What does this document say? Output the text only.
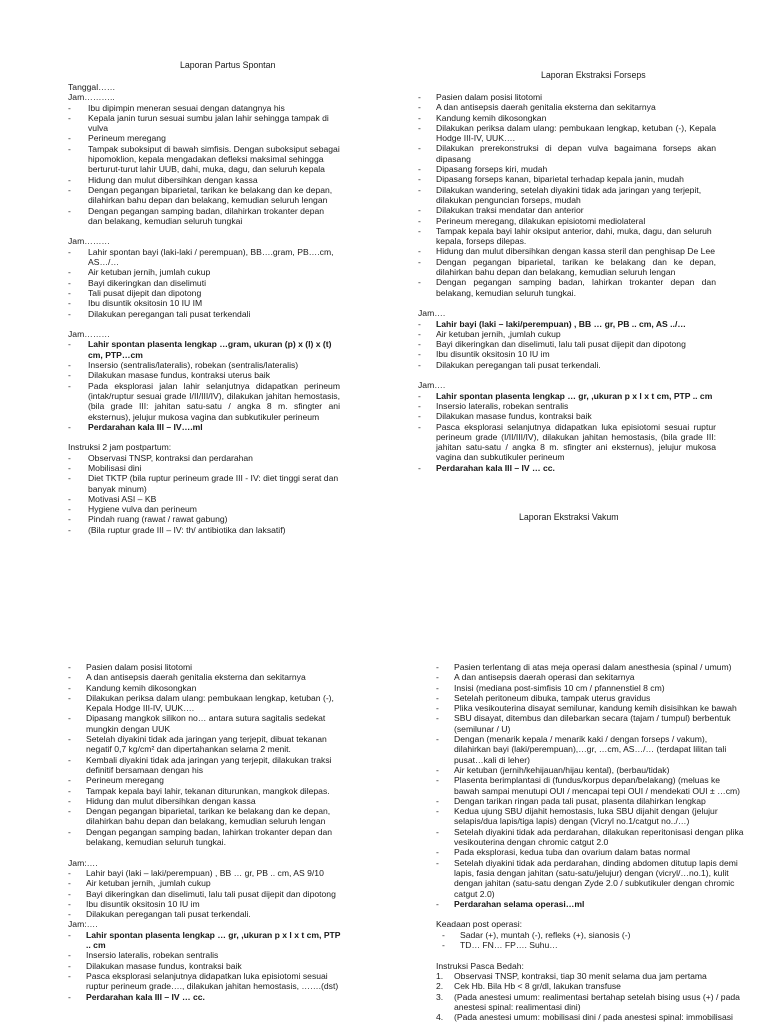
Laporan Partus Spontan
Tanggal……
Jam………..
-	Ibu dipimpin meneran sesuai dengan datangnya his
-	Kepala janin turun sesuai sumbu jalan lahir sehingga tampak di vulva
-	Perineum meregang
-	Tampak suboksiput di bawah simfisis. Dengan suboksiput sebagai hipomoklion, kepala mengadakan defleksi maksimal sehingga berturut-turut lahir UUB, dahi, muka, dagu, dan seluruh kepala
-	Hidung dan mulut dibersihkan dengan kassa
-	Dengan pegangan biparietal, tarikan ke belakang dan ke depan, dilahirkan bahu depan dan belakang, kemudian seluruh lengan
-	Dengan pegangan samping badan, dilahirkan trokanter depan dan belakang, kemudian seluruh tungkai
Jam………
-	Lahir spontan bayi (laki-laki / perempuan), BB….gram, PB….cm, AS…/…
-	Air ketuban jernih, jumlah cukup
-	Bayi dikeringkan dan diselimuti
-	Tali pusat dijepit dan dipotong
-	Ibu disuntik oksitosin 10 IU IM
-	Dilakukan peregangan tali pusat terkendali
Jam………
-	Lahir spontan plasenta lengkap …gram, ukuran (p) x (l) x (t) cm, PTP…cm
-	Insersio (sentralis/lateralis), robekan (sentralis/lateralis)
-	Dilakukan masase fundus, kontraksi uterus baik
-	Pada eksplorasi jalan lahir selanjutnya didapatkan perineum (intak/ruptur sesuai grade I/II/III/IV), dilakukan jahitan hemostasis, (bila grade III: jahitan satu-satu / angka 8 m. sfingter ani eksternus), jelujur mukosa vagina dan subkutikuler perineum
-	Perdarahan kala III – IV….ml
Instruksi 2 jam postpartum:
-	Observasi TNSP, kontraksi dan perdarahan
-	Mobilisasi dini
-	Diet TKTP (bila ruptur perineum grade III - IV: diet tinggi serat dan banyak minum)
-	Motivasi ASI – KB
-	Hygiene vulva dan perineum
-	Pindah ruang (rawat / rawat gabung)
-	(Bila ruptur grade III – IV: th/ antibiotika dan laksatif)
Laporan Ekstraksi Forseps
-	Pasien dalam posisi litotomi
-	A dan antisepsis daerah genitalia eksterna dan sekitarnya
-	Kandung kemih dikosongkan
-	Dilakukan periksa dalam ulang: pembukaan lengkap, ketuban (-), Kepala Hodge III-IV, UUK….
-	Dilakukan prerekonstruksi di depan vulva bagaimana forseps akan dipasang
-	Dipasang forseps kiri, mudah
-	Dipasang forseps kanan, biparietal terhadap kepala janin, mudah
-	Dilakukan wandering, setelah diyakini tidak ada jaringan yang terjepit, dilakukan penguncian forseps, mudah
-	Dilakukan traksi mendatar dan anterior
-	Perineum meregang, dilakukan episiotomi mediolateral
-	Tampak kepala bayi lahir oksiput anterior, dahi, muka, dagu, dan seluruh kepala, forseps dilepas.
-	Hidung dan mulut dibersihkan dengan kassa steril dan penghisap De Lee
-	Dengan pegangan biparietal, tarikan ke belakang dan ke depan, dilahirkan bahu depan dan belakang, kemudian seluruh lengan
-	Dengan pegangan samping badan, lahirkan trokanter depan dan belakang, kemudian seluruh tungkai.
Jam….
-	Lahir bayi (laki – laki/perempuan) , BB … gr, PB .. cm, AS ../…
-	Air ketuban jernih, ,jumlah cukup
-	Bayi dikeringkan dan diselimuti, lalu tali pusat dijepit dan dipotong
-	Ibu disuntik oksitosin 10 IU im
-	Dilakukan peregangan tali pusat terkendali.
Jam….
-	Lahir spontan plasenta lengkap … gr, ,ukuran p x l x t cm, PTP .. cm
-	Insersio lateralis, robekan sentralis
-	Dilakukan masase fundus, kontraksi baik
-	Pasca eksplorasi selanjutnya didapatkan luka episiotomi sesuai ruptur perineum grade (I/II/III/IV), dilakukan jahitan hemostasis, (bila grade III: jahitan satu-satu / angka 8 m. sfingter ani eksternus), jelujur mukosa vagina dan subkutikuler perineum
-	Perdarahan kala III – IV … cc.
Laporan Ekstraksi Vakum
-	Pasien dalam posisi litotomi
-	A dan antisepsis daerah genitalia eksterna dan sekitarnya
-	Kandung kemih dikosongkan
-	Dilakukan periksa dalam ulang: pembukaan lengkap, ketuban (-), Kepala Hodge III-IV, UUK….
-	Dipasang mangkok silikon no… antara sutura sagitalis sedekat mungkin dengan UUK
-	Setelah diyakini tidak ada jaringan yang terjepit, dibuat tekanan negatif 0,7 kg/cm² dan dipertahankan selama 2 menit.
-	Kembali diyakini tidak ada jaringan yang terjepit, dilakukan traksi definitif bersamaan dengan his
-	Perineum meregang
-	Tampak kepala bayi lahir, tekanan diturunkan, mangkok dilepas.
-	Hidung dan mulut dibersihkan dengan kassa
-	Dengan pegangan biparietal, tarikan ke belakang dan ke depan, dilahirkan bahu depan dan belakang, kemudian seluruh lengan
-	Dengan pegangan samping badan, lahirkan trokanter depan dan belakang, kemudian seluruh tungkai.
Jam:….
-	Lahir bayi (laki – laki/perempuan) , BB … gr, PB .. cm, AS 9/10
-	Air ketuban jernih, ,jumlah cukup
-	Bayi dikeringkan dan diselimuti, lalu tali pusat dijepit dan dipotong
-	Ibu disuntik oksitosin 10 IU im
-	Dilakukan peregangan tali pusat terkendali.
Jam:….
-	Lahir spontan plasenta lengkap … gr, ,ukuran p x l x t cm, PTP .. cm
-	Insersio lateralis, robekan sentralis
-	Dilakukan masase fundus, kontraksi baik
-	Pasca eksplorasi selanjutnya didapatkan luka episiotomi sesuai ruptur perineum grade…., dilakukan jahitan hemostasis, …….(dst)
-	Perdarahan kala III – IV … cc.
-	Pasien terlentang di atas meja operasi dalam anesthesia (spinal / umum)
-	A dan antisepsis daerah operasi dan sekitarnya
-	Insisi (mediana post-simfisis 10 cm / pfannenstiel 8 cm)
-	Setelah peritoneum dibuka, tampak uterus gravidus
-	Plika vesikouterina disayat semilunar, kandung kemih disisihkan ke bawah
-	SBU disayat, ditembus dan dilebarkan secara (tajam / tumpul) berbentuk (semilunar / U)
-	Dengan (menarik kepala / menarik kaki / dengan forseps / vakum), dilahirkan bayi (laki/perempuan),…gr, …cm, AS…/… (terdapat lilitan tali pusat…kali di leher)
-	Air ketuban (jernih/kehijauan/hijau kental), (berbau/tidak)
-	Plasenta berimplantasi di (fundus/korpus depan/belakang) (meluas ke bawah sampai menutupi OUI / mencapai tepi OUI / mendekati OUI ± …cm)
-	Dengan tarikan ringan pada tali pusat, plasenta dilahirkan lengkap
-	Kedua ujung SBU dijahit hemostasis, luka SBU dijahit dengan (jelujur selapis/dua lapis/tiga lapis) dengan (Vicryl no.1/catgut no../…)
-	Setelah diyakini tidak ada perdarahan, dilakukan reperitonisasi dengan plika vesikouterina dengan chromic catgut 2.0
-	Pada eksplorasi, kedua tuba dan ovarium dalam batas normal
-	Setelah diyakini tidak ada perdarahan, dinding abdomen ditutup lapis demi lapis, fasia dengan jahitan (satu-satu/jelujur) dengan (vicryl/…no.1), kulit dengan jahitan (satu-satu dengan Zyde 2.0 / subkutikuler dengan chromic catgut 2.0)
-	Perdarahan selama operasi…ml
Keadaan post operasi:
-	Sadar (+), muntah (-), refleks (+), sianosis (-)
-	TD… FN… FP…. Suhu…
Instruksi Pasca Bedah:
1.	Observasi TNSP, kontraksi, tiap 30 menit selama dua jam pertama
2.	Cek Hb. Bila Hb < 8 gr/dl, lakukan transfuse
3.	(Pada anestesi umum: realimentasi bertahap setelah bising usus (+) / pada anestesi spinal: realimentasi dini)
4.	(Pada anestesi umum: mobilisasi dini / pada anestesi spinal: immobilisasi
